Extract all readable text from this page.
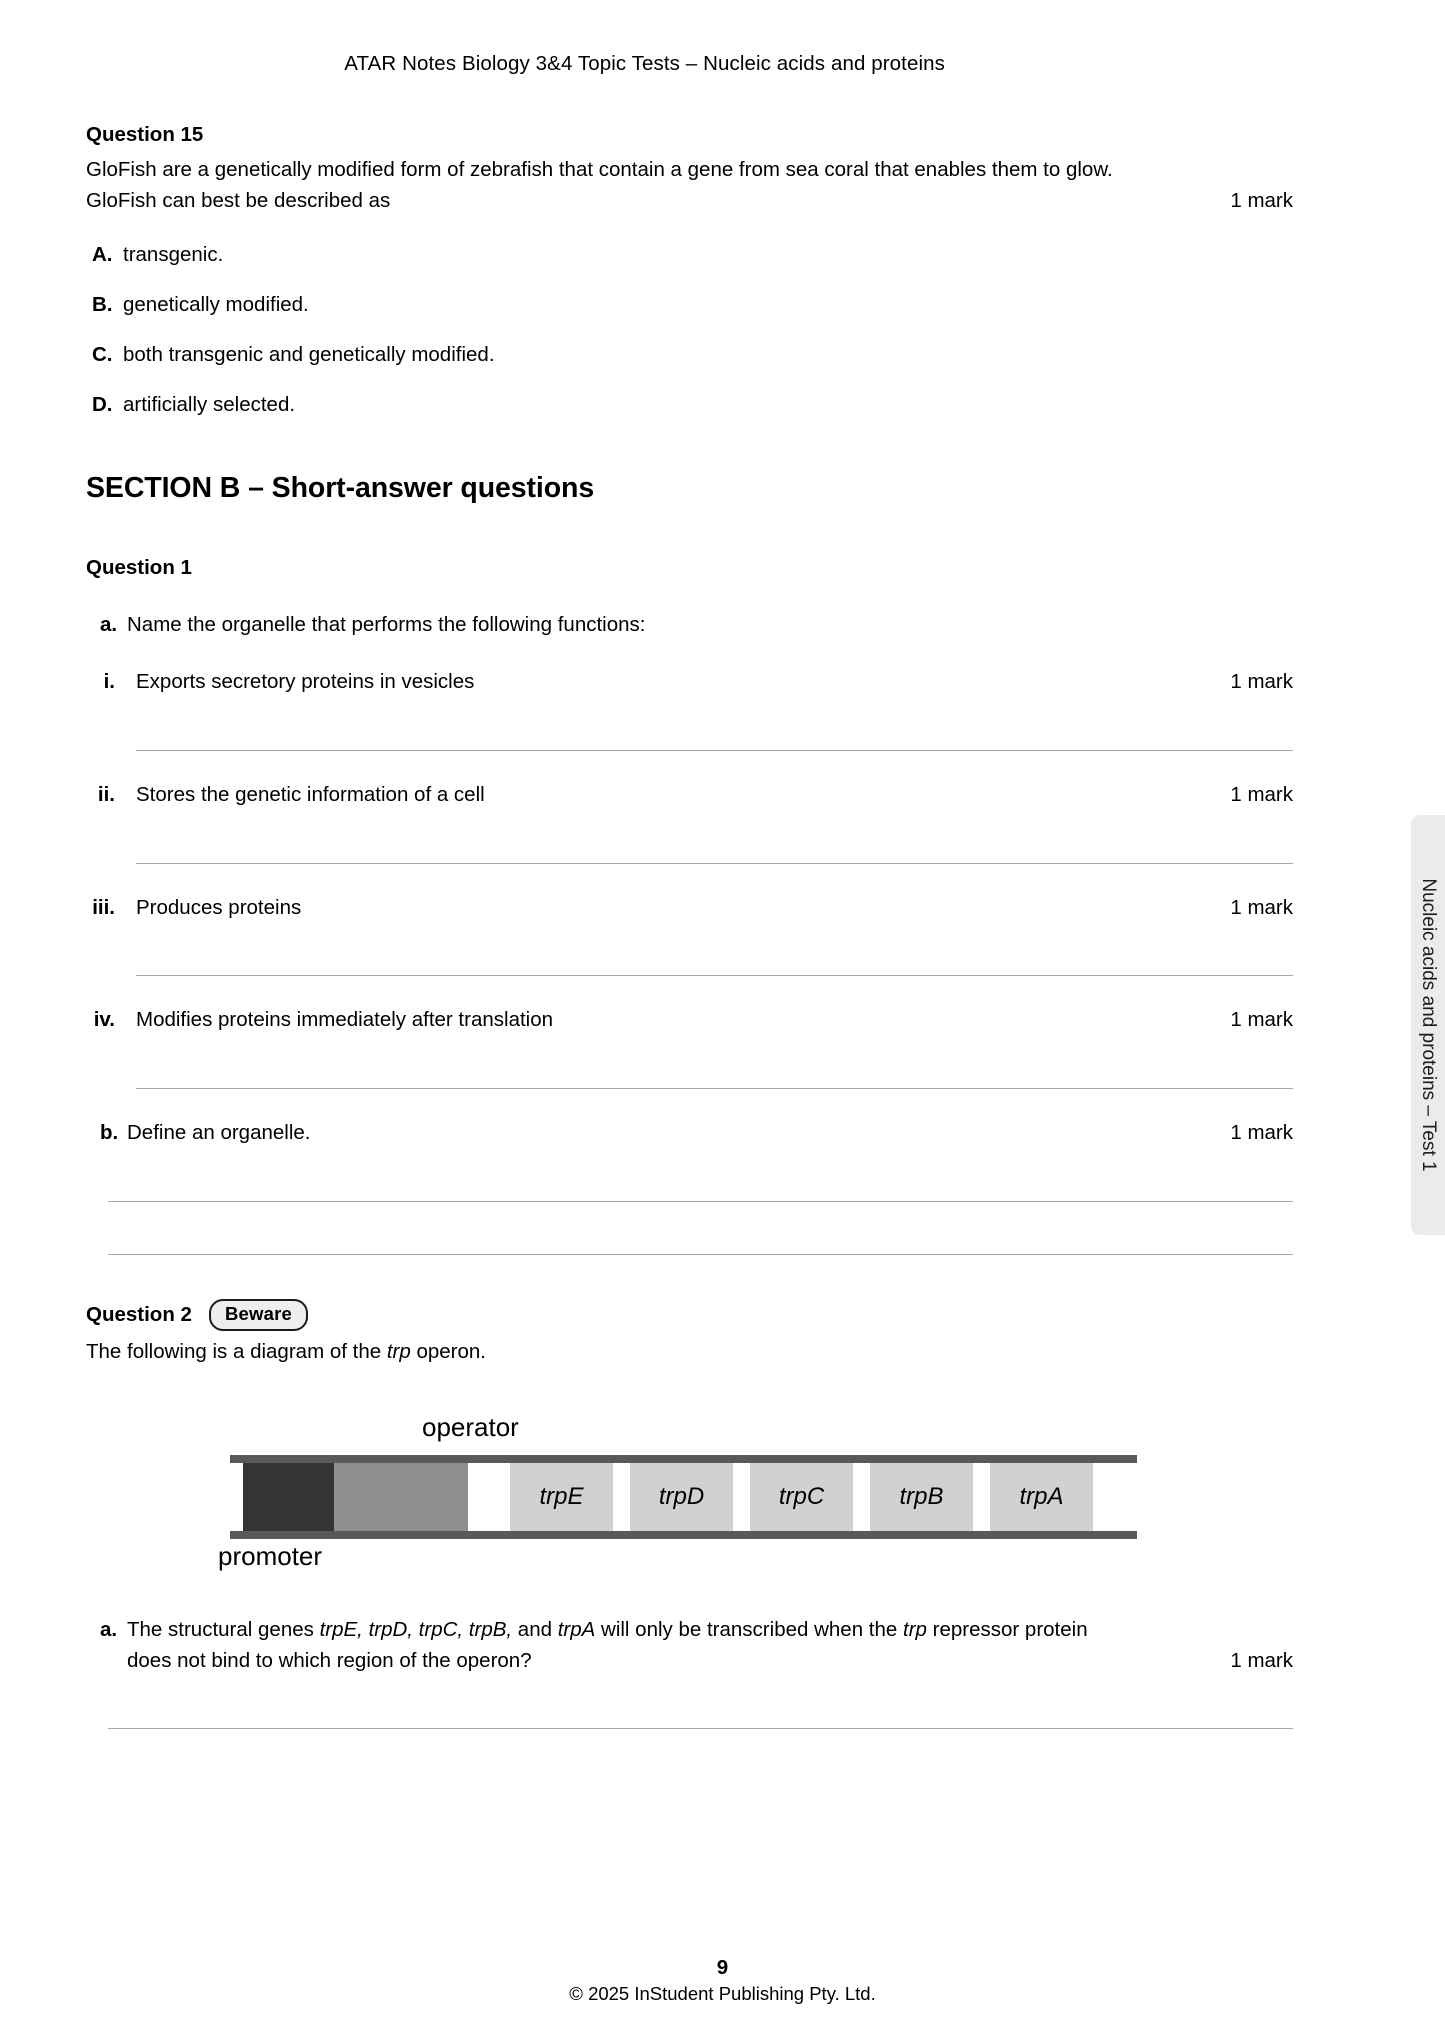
ATAR Notes Biology 3&4 Topic Tests – Nucleic acids and proteins
Nucleic acids and proteins – Test 1
Question 15
GloFish are a genetically modified form of zebrafish that contain a gene from sea coral that enables them to glow.
GloFish can best be described as	1 mark
A. transgenic.
B. genetically modified.
C. both transgenic and genetically modified.
D. artificially selected.
SECTION B – Short-answer questions
Question 1
a. Name the organelle that performs the following functions:
i.	Exports secretory proteins in vesicles	1 mark
ii.	Stores the genetic information of a cell	1 mark
iii.	Produces proteins	1 mark
iv.	Modifies proteins immediately after translation	1 mark
b. Define an organelle.	1 mark
Question 2	Beware
The following is a diagram of the trp operon.
operator
promoter
trpE	trpD	trpC	trpB	trpA
a. The structural genes trpE, trpD, trpC, trpB, and trpA will only be transcribed when the trp repressor protein
does not bind to which region of the operon?	1 mark
9
© 2025 InStudent Publishing Pty. Ltd.
